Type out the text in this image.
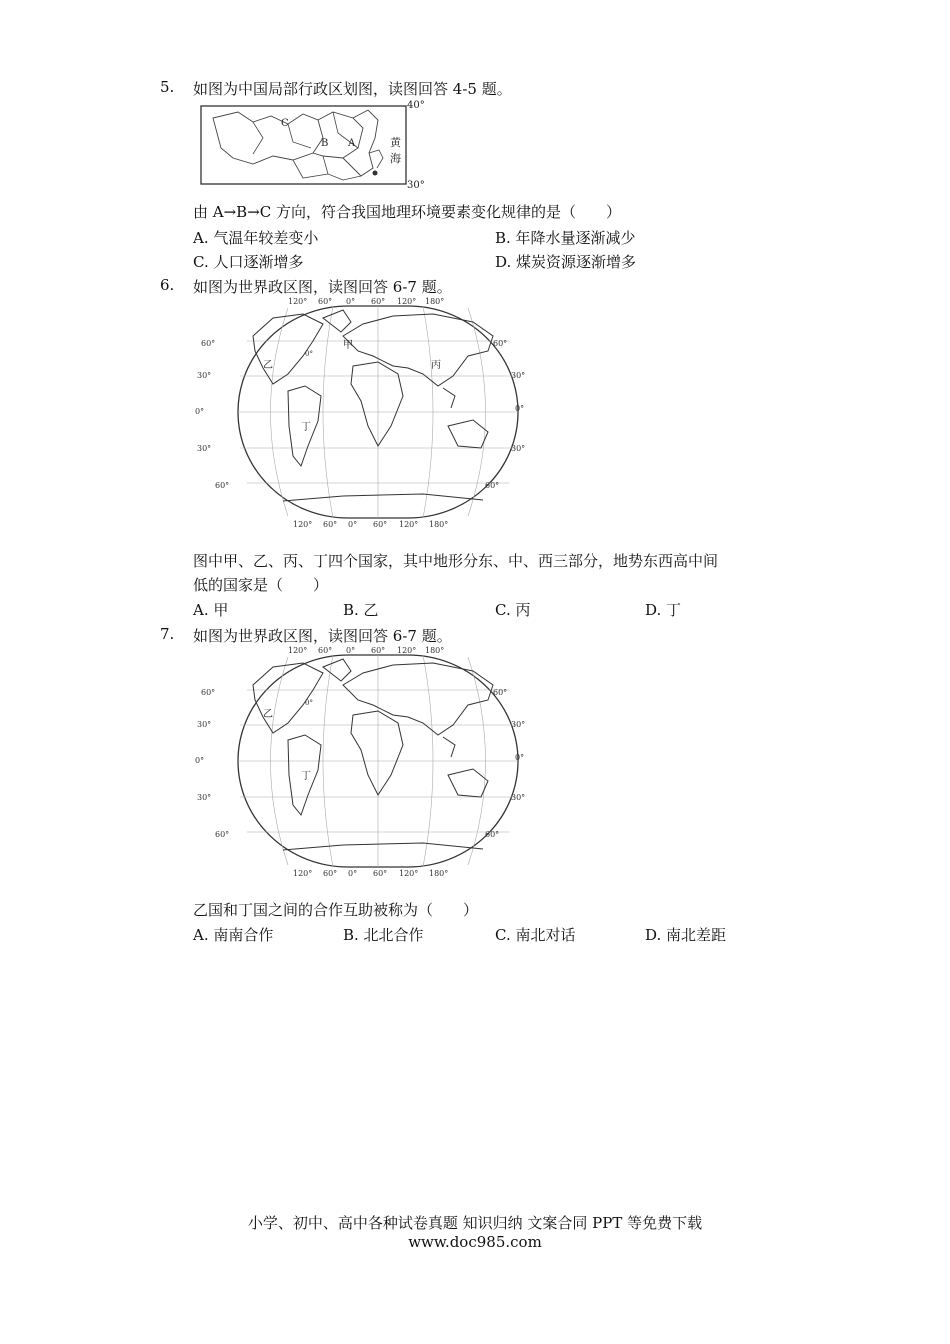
5. 如图为中国局部行政区划图，读图回答 4-5 题。
C
B A	黄
海
40°
30°
由 A→B→C 方向，符合我国地理环境要素变化规律的是（　　）
A. 气温年较差变小	B. 年降水量逐渐减少
C. 人口逐渐增多	D. 煤炭资源逐渐增多
6. 如图为世界政区图，读图回答 6-7 题。
60°
30°
0°
30°
60°
60°
30°
0°
30°
60°
120° 60° 0° 60° 120° 180°
120° 60° 0° 60° 120° 180°
0°
甲
乙	丙
丁
图中甲、乙、丙、丁四个国家，其中地形分东、中、西三部分，地势东西高中间
低的国家是（　　）
A. 甲	B. 乙	C. 丙	D. 丁
7. 如图为世界政区图，读图回答 6-7 题。
60°
30°
0°
30°
60°
60°
30°
0°
30°
60°
120° 60° 0° 60° 120° 180°
120° 60° 0° 60° 120° 180°
0°
乙
丁
乙国和丁国之间的合作互助被称为（　　）
A. 南南合作	B. 北北合作	C. 南北对话	D. 南北差距
小学、初中、高中各种试卷真题 知识归纳 文案合同 PPT 等免费下载
www.doc985.com
